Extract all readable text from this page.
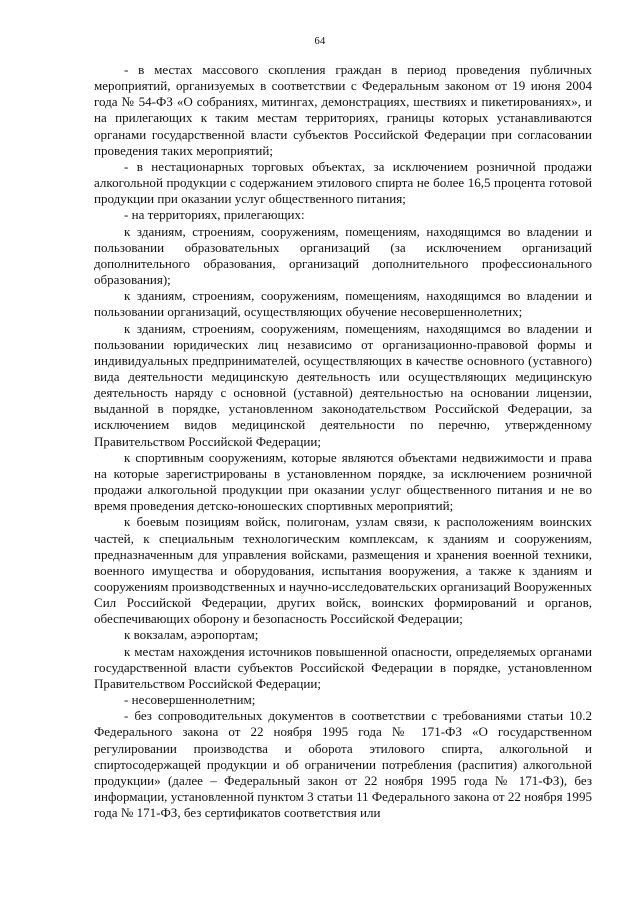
64

- в местах массового скопления граждан в период проведения публичных мероприятий, организуемых в соответствии с Федеральным законом от 19 июня 2004 года № 54-ФЗ «О собраниях, митингах, демонстрациях, шествиях и пикетированиях», и на прилегающих к таким местам территориях, границы которых устанавливаются органами государственной власти субъектов Российской Федерации при согласовании проведения таких мероприятий;

- в нестационарных торговых объектах, за исключением розничной продажи алкогольной продукции с содержанием этилового спирта не более 16,5 процента готовой продукции при оказании услуг общественного питания;

- на территориях, прилегающих:

к зданиям, строениям, сооружениям, помещениям, находящимся во владении и пользовании образовательных организаций (за исключением организаций дополнительного образования, организаций дополнительного профессионального образования);

к зданиям, строениям, сооружениям, помещениям, находящимся во владении и пользовании организаций, осуществляющих обучение несовершеннолетних;

к зданиям, строениям, сооружениям, помещениям, находящимся во владении и пользовании юридических лиц независимо от организационно-правовой формы и индивидуальных предпринимателей, осуществляющих в качестве основного (уставного) вида деятельности медицинскую деятельность или осуществляющих медицинскую деятельность наряду с основной (уставной) деятельностью на основании лицензии, выданной в порядке, установленном законодательством Российской Федерации, за исключением видов медицинской деятельности по перечню, утвержденному Правительством Российской Федерации;

к спортивным сооружениям, которые являются объектами недвижимости и права на которые зарегистрированы в установленном порядке, за исключением розничной продажи алкогольной продукции при оказании услуг общественного питания и не во время проведения детско-юношеских спортивных мероприятий;

к боевым позициям войск, полигонам, узлам связи, к расположениям воинских частей, к специальным технологическим комплексам, к зданиям и сооружениям, предназначенным для управления войсками, размещения и хранения военной техники, военного имущества и оборудования, испытания вооружения, а также к зданиям и сооружениям производственных и научно-исследовательских организаций Вооруженных Сил Российской Федерации, других войск, воинских формирований и органов, обеспечивающих оборону и безопасность Российской Федерации;

к вокзалам, аэропортам;

к местам нахождения источников повышенной опасности, определяемых органами государственной власти субъектов Российской Федерации в порядке, установленном Правительством Российской Федерации;

- несовершеннолетним;

- без сопроводительных документов в соответствии с требованиями статьи 10.2 Федерального закона от 22 ноября 1995 года № 171-ФЗ «О государственном регулировании производства и оборота этилового спирта, алкогольной и спиртосодержащей продукции и об ограничении потребления (распития) алкогольной продукции» (далее – Федеральный закон от 22 ноября 1995 года № 171-ФЗ), без информации, установленной пунктом 3 статьи 11 Федерального закона от 22 ноября 1995 года № 171-ФЗ, без сертификатов соответствия или
